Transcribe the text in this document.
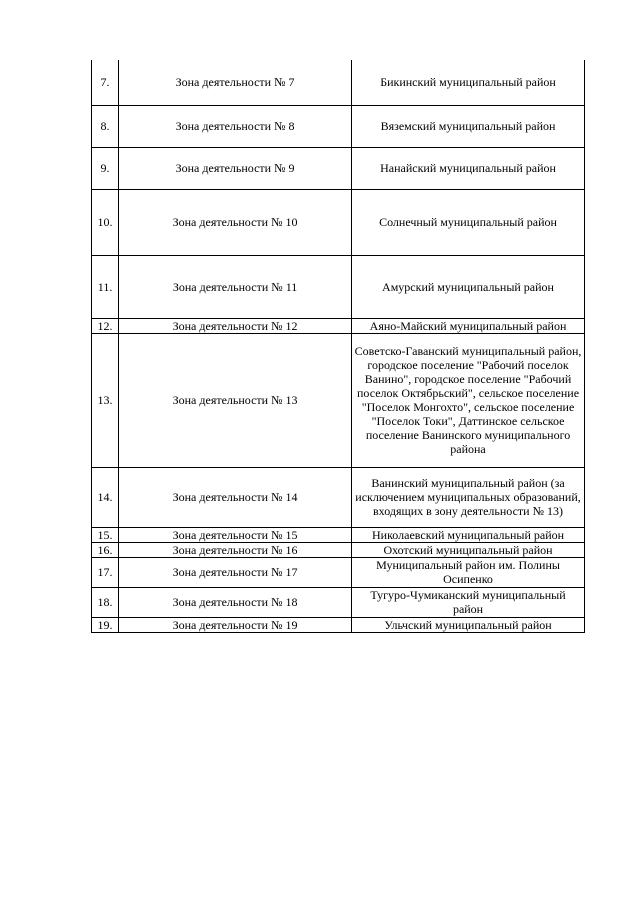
7.	Зона деятельности № 7	Бикинский муниципальный район
8.	Зона деятельности № 8	Вяземский муниципальный район
9.	Зона деятельности № 9	Нанайский муниципальный район
10.	Зона деятельности № 10	Солнечный муниципальный район
11.	Зона деятельности № 11	Амурский муниципальный район
12.	Зона деятельности № 12	Аяно-Майский муниципальный район
13.	Зона деятельности № 13	Советско-Гаванский муниципальный район, городское поселение "Рабочий поселок Ванино", городское поселение "Рабочий поселок Октябрьский", сельское поселение "Поселок Монгохто", сельское поселение "Поселок Токи", Даттинское сельское поселение Ванинского муниципального района
14.	Зона деятельности № 14	Ванинский муниципальный район (за исключением муниципальных образований, входящих в зону деятельности № 13)
15.	Зона деятельности № 15	Николаевский муниципальный район
16.	Зона деятельности № 16	Охотский муниципальный район
17.	Зона деятельности № 17	Муниципальный район им. Полины Осипенко
18.	Зона деятельности № 18	Тугуро-Чумиканский муниципальный район
19.	Зона деятельности № 19	Ульчский муниципальный район
